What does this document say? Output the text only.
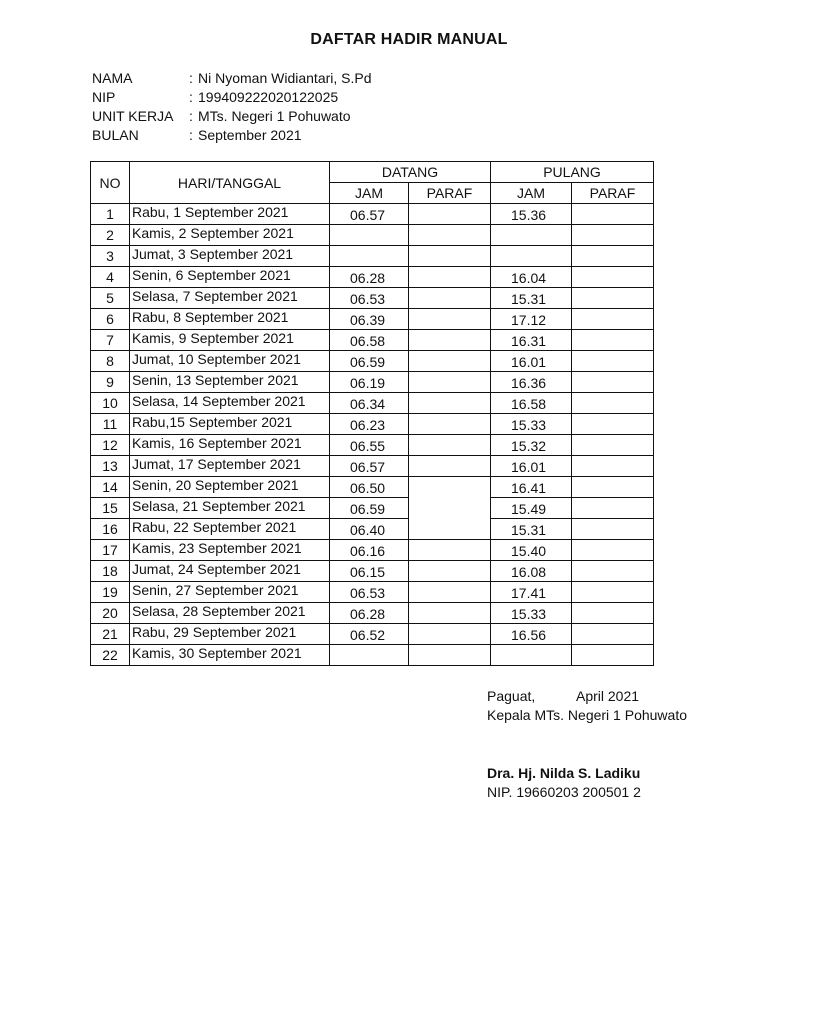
DAFTAR HADIR MANUAL
NAMA	: Ni Nyoman Widiantari, S.Pd
NIP	: 199409222020122025
UNIT KERJA : MTs. Negeri 1 Pohuwato
BULAN	: September 2021
NO	HARI/TANGGAL	DATANG		PULANG	
		JAM	PARAF	JAM	PARAF
1	Rabu, 1 September 2021	06.57		15.36	
2	Kamis, 2 September 2021				
3	Jumat, 3 September 2021				
4	Senin, 6 September 2021	06.28		16.04	
5	Selasa, 7 September 2021	06.53		15.31	
6	Rabu, 8 September 2021	06.39		17.12	
7	Kamis, 9 September 2021	06.58		16.31	
8	Jumat, 10 September 2021	06.59		16.01	
9	Senin, 13 September 2021	06.19		16.36	
10	Selasa, 14 September 2021	06.34		16.58	
11	Rabu,15 September 2021	06.23		15.33	
12	Kamis, 16 September 2021	06.55		15.32	
13	Jumat, 17 September 2021	06.57		16.01	
14	Senin, 20 September 2021	06.50		16.41	
15	Selasa, 21 September 2021	06.59		15.49	
16	Rabu, 22 September 2021	06.40		15.31	
17	Kamis, 23 September 2021	06.16		15.40	
18	Jumat, 24 September 2021	06.15		16.08	
19	Senin, 27 September 2021	06.53		17.41	
20	Selasa, 28 September 2021	06.28		15.33	
21	Rabu, 29 September 2021	06.52		16.56	
22	Kamis, 30 September 2021				
Paguat,	April 2021
Kepala MTs. Negeri 1 Pohuwato
Dra. Hj. Nilda S. Ladiku
NIP. 19660203 200501 2
